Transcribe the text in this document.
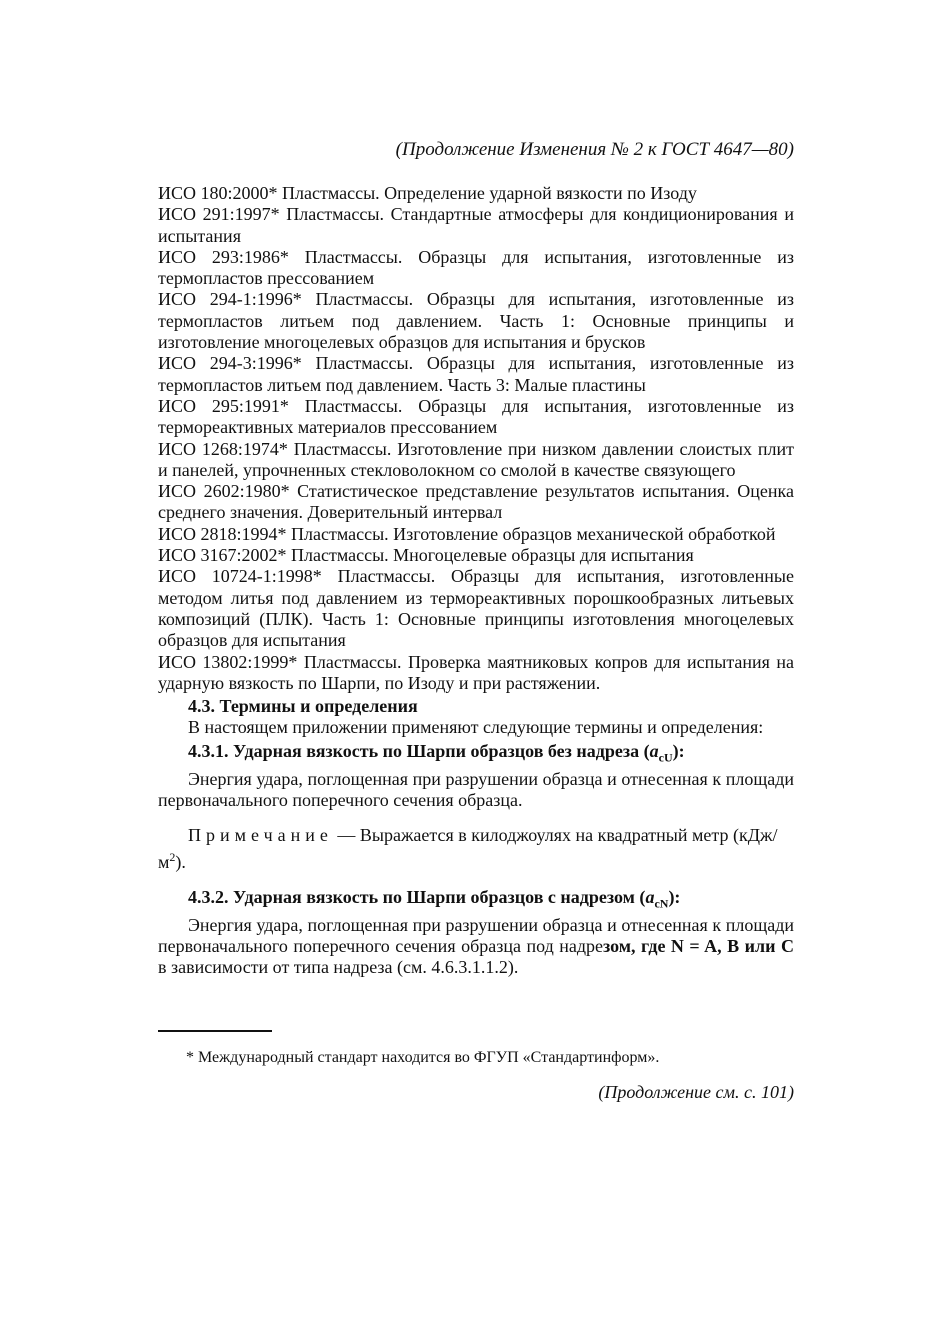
(Продолжение Изменения № 2 к ГОСТ 4647—80)
ИСО 180:2000* Пластмассы. Определение ударной вязкости по Изоду
ИСО 291:1997* Пластмассы. Стандартные атмосферы для кондиционирования и испытания
ИСО 293:1986* Пластмассы. Образцы для испытания, изготовленные из термопластов прессованием
ИСО 294-1:1996* Пластмассы. Образцы для испытания, изготовленные из термопластов литьем под давлением. Часть 1: Основные принципы и изготовление многоцелевых образцов для испытания и брусков
ИСО 294-3:1996* Пластмассы. Образцы для испытания, изготовленные из термопластов литьем под давлением. Часть 3: Малые пластины
ИСО 295:1991* Пластмассы. Образцы для испытания, изготовленные из термореактивных материалов прессованием
ИСО 1268:1974* Пластмассы. Изготовление при низком давлении слоистых плит и панелей, упрочненных стекловолокном со смолой в качестве связующего
ИСО 2602:1980* Статистическое представление результатов испытания. Оценка среднего значения. Доверительный интервал
ИСО 2818:1994* Пластмассы. Изготовление образцов механической обработкой
ИСО 3167:2002* Пластмассы. Многоцелевые образцы для испытания
ИСО 10724-1:1998* Пластмассы. Образцы для испытания, изготовленные методом литья под давлением из термореактивных порошкообразных литьевых композиций (ПЛК). Часть 1: Основные принципы изготовления многоцелевых образцов для испытания
ИСО 13802:1999* Пластмассы. Проверка маятниковых копров для испытания на ударную вязкость по Шарпи, по Изоду и при растяжении.
4.3. Термины и определения
В настоящем приложении применяют следующие термины и определения:
4.3.1. Ударная вязкость по Шарпи образцов без надреза $(a_{cU})$:
Энергия удара, поглощенная при разрушении образца и отнесенная к площади первоначального поперечного сечения образца.
Примечание — Выражается в килоджоулях на квадратный метр $(кДж/м^2)$.
4.3.2. Ударная вязкость по Шарпи образцов с надрезом $(a_{cN})$:
Энергия удара, поглощенная при разрушении образца и отнесенная к площади первоначального поперечного сечения образца под надрезом, где N = A, B или C в зависимости от типа надреза (см. 4.6.3.1.1.2).
* Международный стандарт находится во ФГУП «Стандартинформ».
(Продолжение см. с. 101)
